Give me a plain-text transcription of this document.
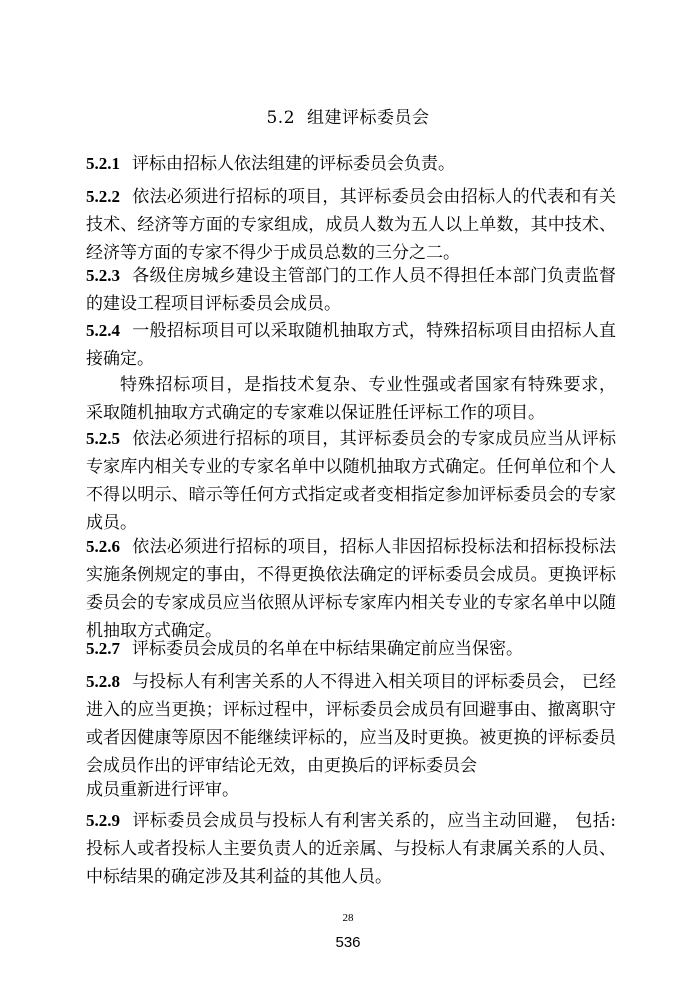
5.2 组建评标委员会

5.2.1 评标由招标人依法组建的评标委员会负责。

5.2.2 依法必须进行招标的项目，其评标委员会由招标人的代表和有关技术、经济等方面的专家组成，成员人数为五人以上单数，其中技术、经济等方面的专家不得少于成员总数的三分之二。

5.2.3 各级住房城乡建设主管部门的工作人员不得担任本部门负责监督的建设工程项目评标委员会成员。

5.2.4 一般招标项目可以采取随机抽取方式，特殊招标项目由招标人直接确定。

特殊招标项目，是指技术复杂、专业性强或者国家有特殊要求， 采取随机抽取方式确定的专家难以保证胜任评标工作的项目。

5.2.5 依法必须进行招标的项目，其评标委员会的专家成员应当从评标专家库内相关专业的专家名单中以随机抽取方式确定。任何单位和个人不得以明示、暗示等任何方式指定或者变相指定参加评标委员会的专家成员。

5.2.6 依法必须进行招标的项目，招标人非因招标投标法和招标投标法实施条例规定的事由，不得更换依法确定的评标委员会成员。更换评标委员会的专家成员应当依照从评标专家库内相关专业的专家名单中以随机抽取方式确定。

5.2.7 评标委员会成员的名单在中标结果确定前应当保密。

5.2.8 与投标人有利害关系的人不得进入相关项目的评标委员会， 已经进入的应当更换；评标过程中，评标委员会成员有回避事由、撤离职守或者因健康等原因不能继续评标的，应当及时更换。被更换的评标委员会成员作出的评审结论无效，由更换后的评标委员会

成员重新进行评审。

5.2.9 评标委员会成员与投标人有利害关系的，应当主动回避， 包括:投标人或者投标人主要负责人的近亲属、与投标人有隶属关系的人员、中标结果的确定涉及其利益的其他人员。

28
536
